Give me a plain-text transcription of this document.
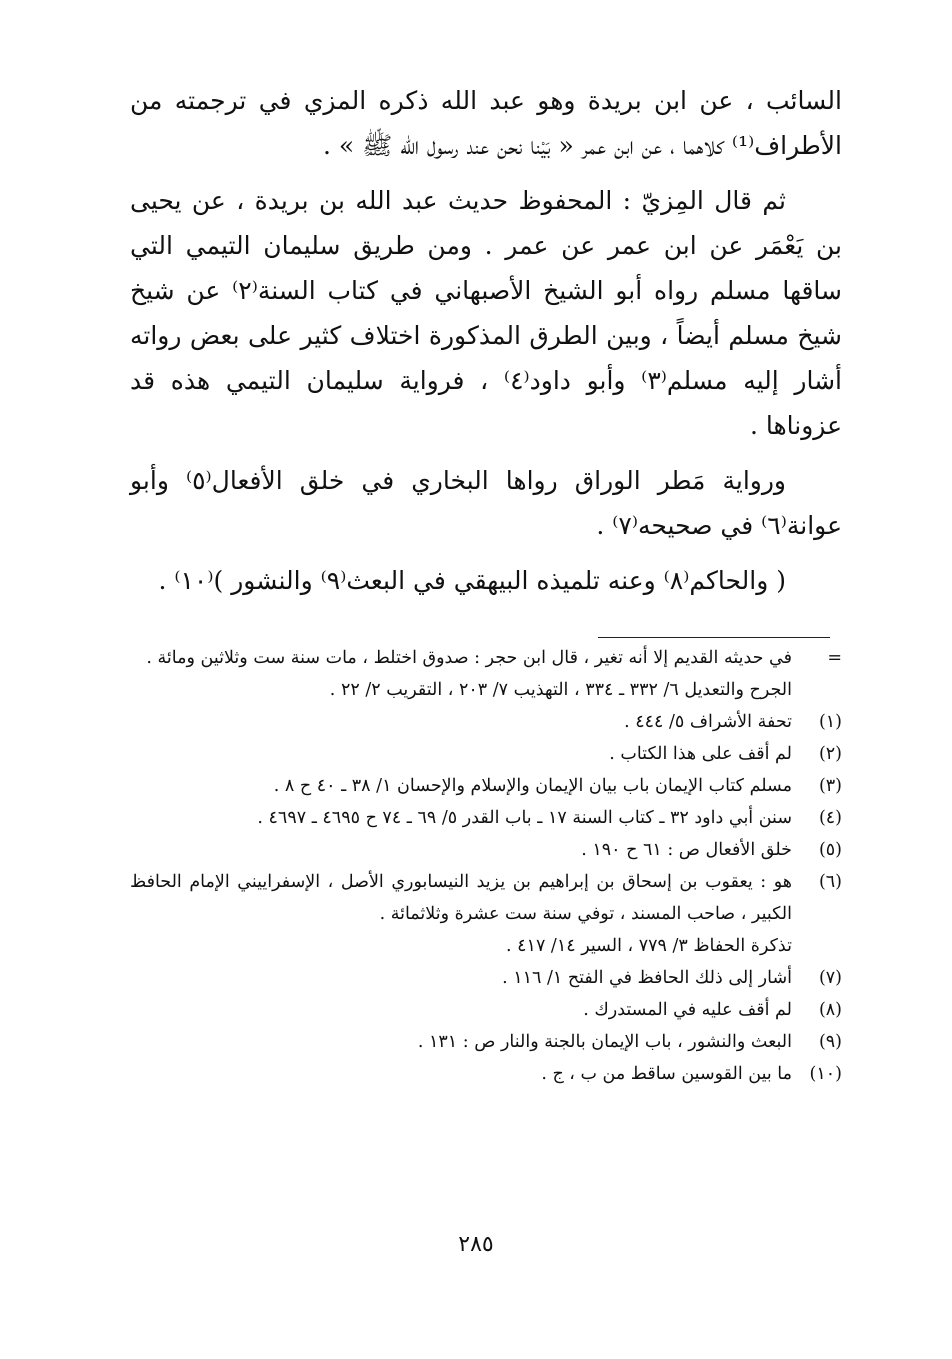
السائب ، عن ابن بريدة وهو عبد الله ذكره المزي في ترجمته من الأطراف⁽¹⁾ كلاهما ، عن ابن عمر « بَيْنا نحن عند رسول الله ﷺ » .

ثم قال المِزيّ : المحفوظ حديث عبد الله بن بريدة ، عن يحيى بن يَعْمَر عن ابن عمر عن عمر . ومن طريق سليمان التيمي التي ساقها مسلم رواه أبو الشيخ الأصبهاني في كتاب السنة⁽٢⁾ عن شيخ شيخ مسلم أيضاً ، وبين الطرق المذكورة اختلاف كثير على بعض رواته أشار إليه مسلم⁽٣⁾ وأبو داود⁽٤⁾ ، فرواية سليمان التيمي هذه قد عزوناها .

ورواية مَطر الوراق رواها البخاري في خلق الأفعال⁽٥⁾ وأبو عوانة⁽٦⁾ في صحيحه⁽٧⁾ .

( والحاكم⁽٨⁾ وعنه تلميذه البيهقي في البعث⁽٩⁾ والنشور )⁽١٠⁾ .

=
في حديثه القديم إلا أنه تغير ، قال ابن حجر : صدوق اختلط ، مات سنة ست وثلاثين ومائة .
الجرح والتعديل ٦/ ٣٣٢ ـ ٣٣٤ ، التهذيب ٧/ ٢٠٣ ، التقريب ٢/ ٢٢ .
(١)
تحفة الأشراف ٥/ ٤٤٤ .
(٢)
لم أقف على هذا الكتاب .
(٣)
مسلم كتاب الإيمان باب بيان الإيمان والإسلام والإحسان ١/ ٣٨ ـ ٤٠ ح ٨ .
(٤)
سنن أبي داود ٣٢ ـ كتاب السنة ١٧ ـ باب القدر ٥/ ٦٩ ـ ٧٤ ح ٤٦٩٥ ـ ٤٦٩٧ .
(٥)
خلق الأفعال ص : ٦١ ح ١٩٠ .
(٦)
هو : يعقوب بن إسحاق بن إبراهيم بن يزيد النيسابوري الأصل ، الإسفراييني الإمام الحافظ الكبير ، صاحب المسند ، توفي سنة ست عشرة وثلاثمائة .
تذكرة الحفاظ ٣/ ٧٧٩ ، السير ١٤/ ٤١٧ .
(٧)
أشار إلى ذلك الحافظ في الفتح ١/ ١١٦ .
(٨)
لم أقف عليه في المستدرك .
(٩)
البعث والنشور ، باب الإيمان بالجنة والنار ص : ١٣١ .
(١٠)
ما بين القوسين ساقط من ب ، ج .
٢٨٥
